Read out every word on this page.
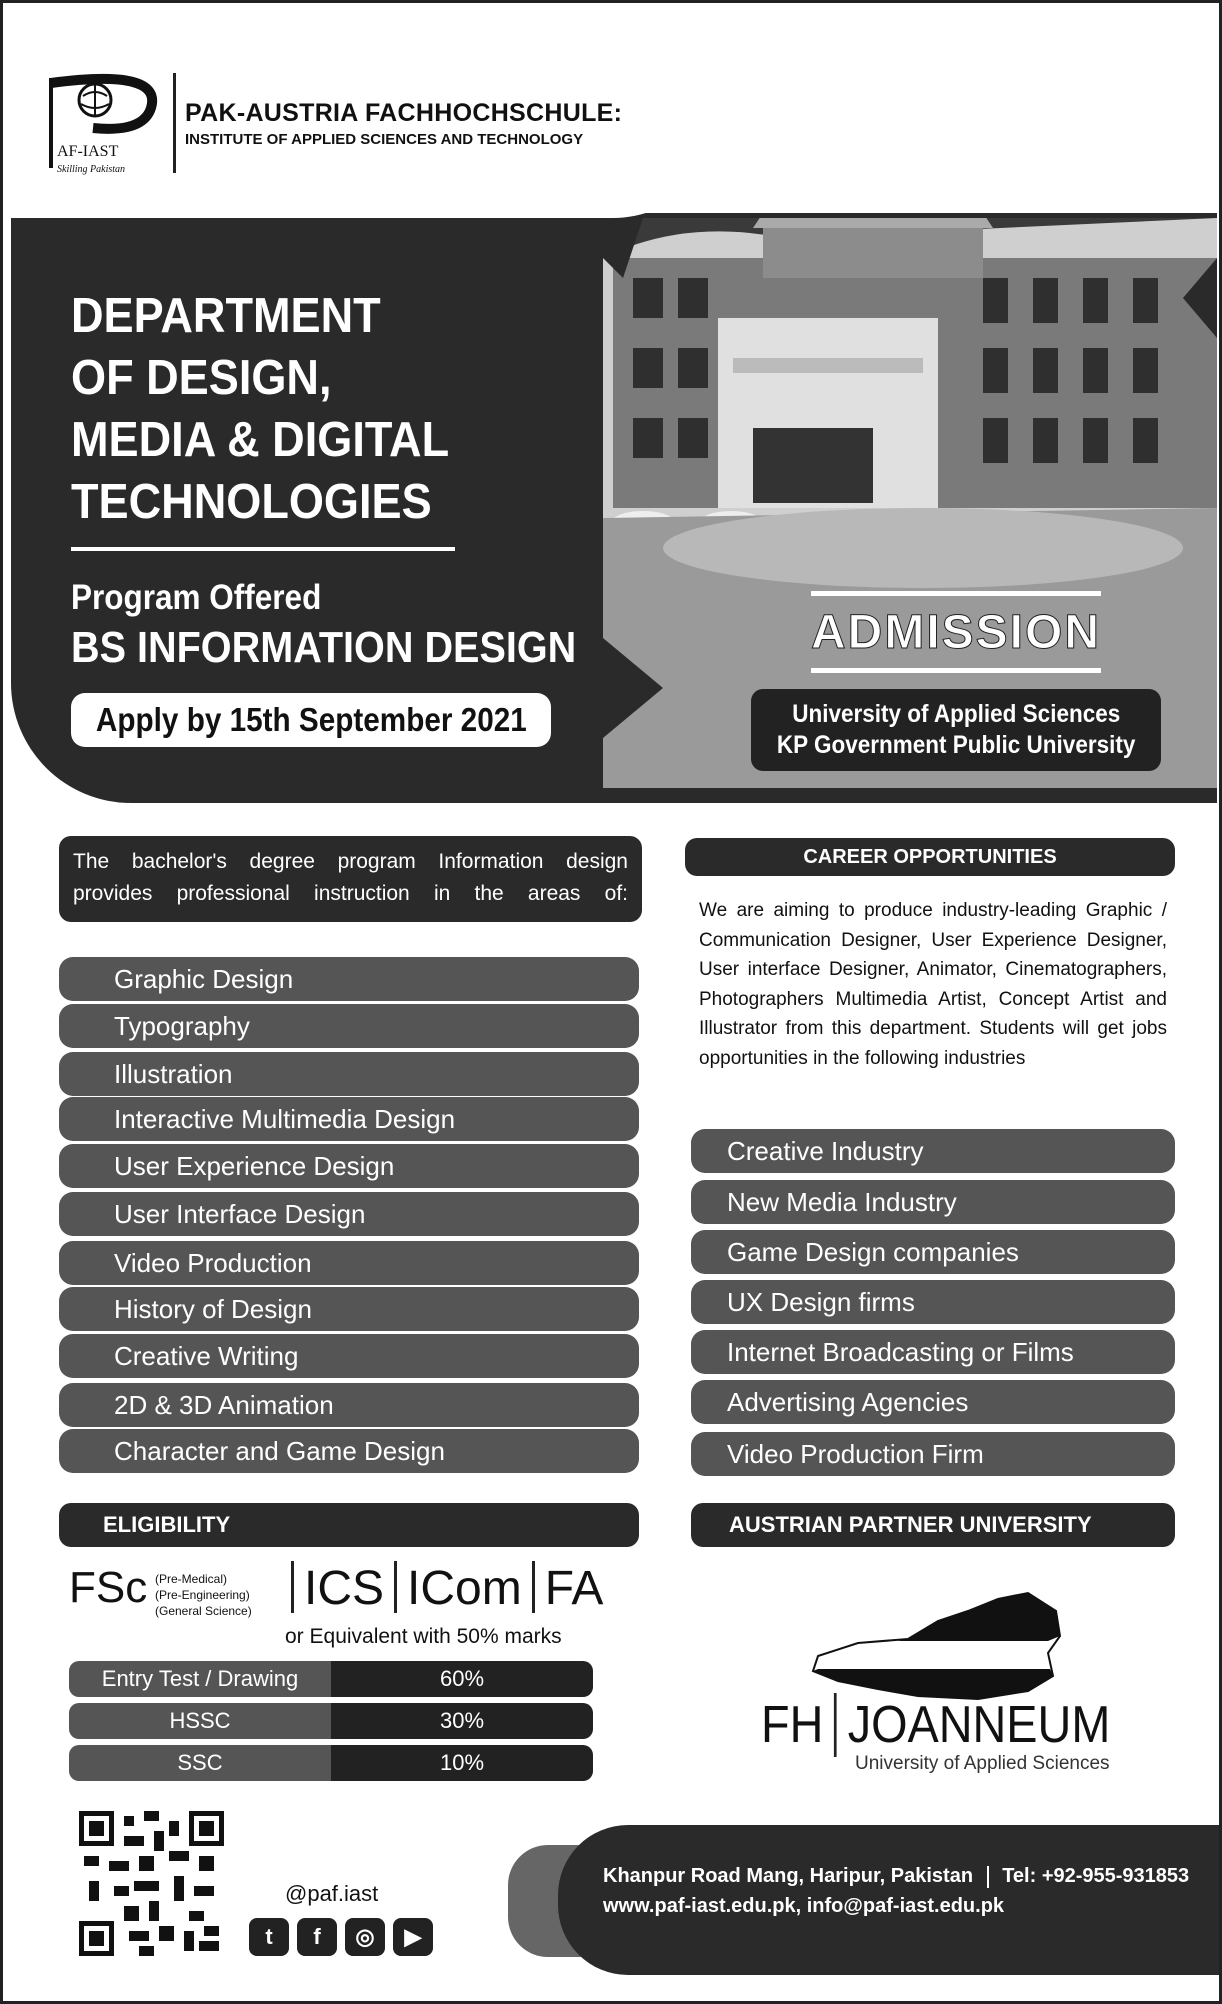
AF-IAST
Skilling Pakistan
PAK-AUSTRIA FACHHOCHSCHULE:
INSTITUTE OF APPLIED SCIENCES AND TECHNOLOGY
DEPARTMENT
OF DESIGN,
MEDIA & DIGITAL
TECHNOLOGIES
Program Offered
BS INFORMATION DESIGN
Apply by 15th September 2021
ADMISSION
University of Applied Sciences
KP Government Public University
The bachelor's degree program Information design provides professional instruction in the areas of:
Graphic Design
Typography
Illustration
Interactive Multimedia Design
User Experience Design
User Interface Design
Video Production
History of Design
Creative Writing
2D & 3D Animation
Character and Game Design
CAREER OPPORTUNITIES
We are aiming to produce industry-leading Graphic / Communication Designer, User Experience Designer, User interface Designer, Animator, Cinematographers, Photographers Multimedia Artist, Concept Artist and Illustrator from this department. Students will get jobs opportunities in the following industries
Creative Industry
New Media Industry
Game Design companies
UX Design firms
Internet Broadcasting or Films
Advertising Agencies
Video Production Firm
ELIGIBILITY
FSc (Pre-Medical)
(Pre-Engineering)
(General Science) ICS ICom FA
or Equivalent with 50% marks
Entry Test / Drawing	60%
HSSC	30%
SSC	10%
AUSTRIAN PARTNER UNIVERSITY
FH JOANNEUM
University of Applied Sciences
@paf.iast
t	f	◎	▶
Khanpur Road Mang, Haripur, Pakistan Tel: +92-955-931853
www.paf-iast.edu.pk, info@paf-iast.edu.pk
